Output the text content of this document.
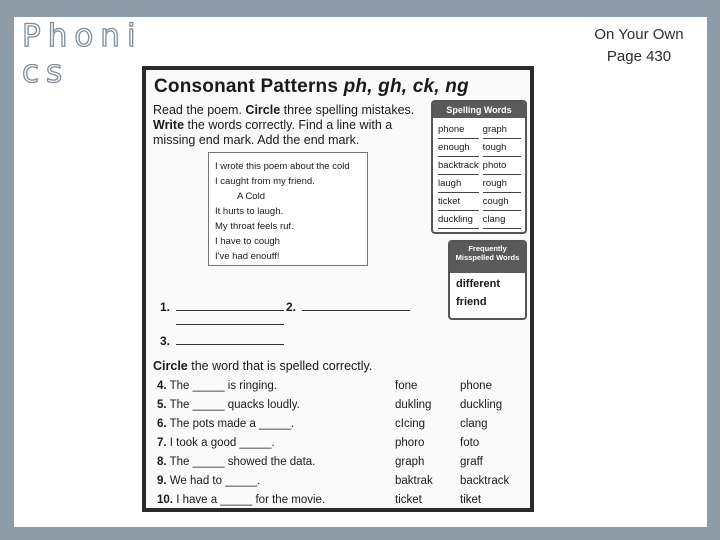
Phonics
On Your Own
Page 430
Consonant Patterns ph, gh, ck, ng
Read the poem. Circle three spelling mistakes.
Write the words correctly. Find a line with a
missing end mark. Add the end mark.
I wrote this poem about the cold
I caught from my friend.
A Cold
It hurts to laugh.
My throat feels ruf.
I have to cough
I've had enouff!
Spelling Words
phone	graph
enough	tough
backtrack photo
laugh	rough
ticket	cough
duckling	clang
Frequently Misspelled Words
different
friend
1.	2.
3.
Circle the word that is spelled correctly.
4. The _____ is ringing.	fone	phone
5. The _____ quacks loudly.	dukling duckling
6. The pots made a _____.	cIcing	clang
7. I took a good _____.	phoro	foto
8. The _____ showed the data.	graph	graff
9. We had to _____.	baktrak backtrack
10. I have a _____ for the movie.	ticket	tiket
